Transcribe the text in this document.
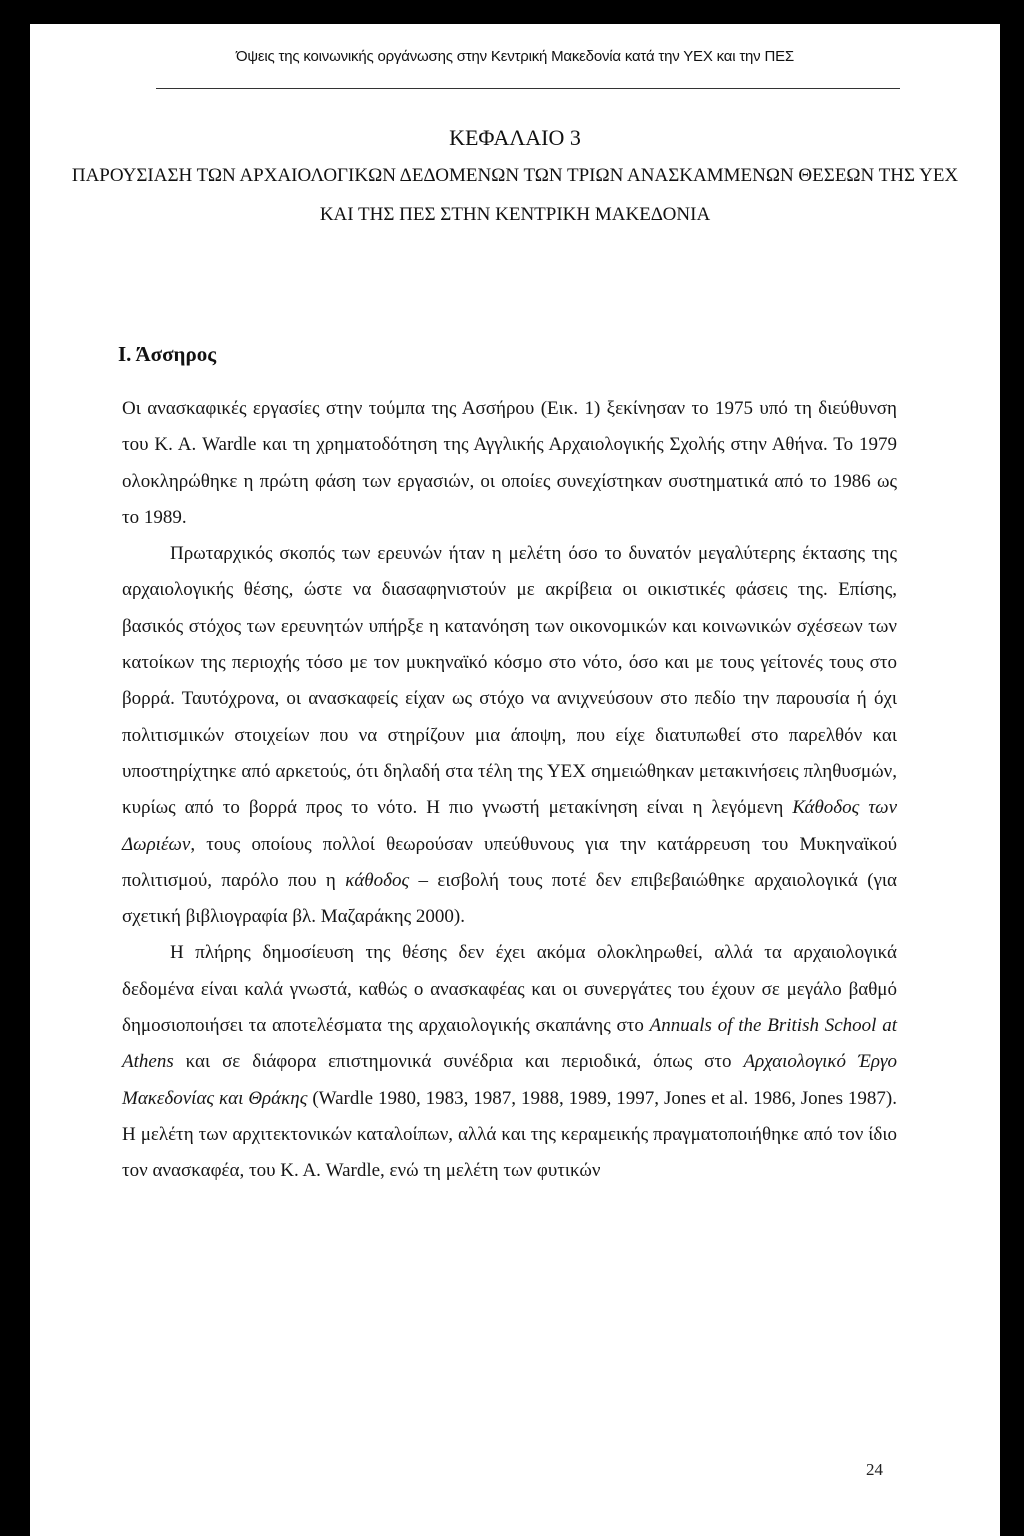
Όψεις της κοινωνικής οργάνωσης στην Κεντρική Μακεδονία κατά την ΥΕΧ και την ΠΕΣ
ΚΕΦΑΛΑΙΟ 3
ΠΑΡΟΥΣΙΑΣΗ ΤΩΝ ΑΡΧΑΙΟΛΟΓΙΚΩΝ ΔΕΔΟΜΕΝΩΝ ΤΩΝ ΤΡΙΩΝ ΑΝΑΣΚΑΜΜΕΝΩΝ ΘΕΣΕΩΝ ΤΗΣ ΥΕΧ ΚΑΙ ΤΗΣ ΠΕΣ ΣΤΗΝ ΚΕΝΤΡΙΚΗ ΜΑΚΕΔΟΝΙΑ
Ι. Άσσηρος

Οι ανασκαφικές εργασίες στην τούμπα της Ασσήρου (Εικ. 1) ξεκίνησαν το 1975 υπό τη διεύθυνση του Κ. Α. Wardle και τη χρηματοδότηση της Αγγλικής Αρχαιολογικής Σχολής στην Αθήνα. Το 1979 ολοκληρώθηκε η πρώτη φάση των εργασιών, οι οποίες συνεχίστηκαν συστηματικά από το 1986 ως το 1989.

Πρωταρχικός σκοπός των ερευνών ήταν η μελέτη όσο το δυνατόν μεγαλύτερης έκτασης της αρχαιολογικής θέσης, ώστε να διασαφηνιστούν με ακρίβεια οι οικιστικές φάσεις της. Επίσης, βασικός στόχος των ερευνητών υπήρξε η κατανόηση των οικονομικών και κοινωνικών σχέσεων των κατοίκων της περιοχής τόσο με τον μυκηναϊκό κόσμο στο νότο, όσο και με τους γείτονές τους στο βορρά. Ταυτόχρονα, οι ανασκαφείς είχαν ως στόχο να ανιχνεύσουν στο πεδίο την παρουσία ή όχι πολιτισμικών στοιχείων που να στηρίζουν μια άποψη, που είχε διατυπωθεί στο παρελθόν και υποστηρίχτηκε από αρκετούς, ότι δηλαδή στα τέλη της ΥΕΧ σημειώθηκαν μετακινήσεις πληθυσμών, κυρίως από το βορρά προς το νότο. Η πιο γνωστή μετακίνηση είναι η λεγόμενη Κάθοδος των Δωριέων, τους οποίους πολλοί θεωρούσαν υπεύθυνους για την κατάρρευση του Μυκηναϊκού πολιτισμού, παρόλο που η κάθοδος – εισβολή τους ποτέ δεν επιβεβαιώθηκε αρχαιολογικά (για σχετική βιβλιογραφία βλ. Μαζαράκης 2000).

Η πλήρης δημοσίευση της θέσης δεν έχει ακόμα ολοκληρωθεί, αλλά τα αρχαιολογικά δεδομένα είναι καλά γνωστά, καθώς ο ανασκαφέας και οι συνεργάτες του έχουν σε μεγάλο βαθμό δημοσιοποιήσει τα αποτελέσματα της αρχαιολογικής σκαπάνης στο Annuals of the British School at Athens και σε διάφορα επιστημονικά συνέδρια και περιοδικά, όπως στο Αρχαιολογικό Έργο Μακεδονίας και Θράκης (Wardle 1980, 1983, 1987, 1988, 1989, 1997, Jones et al. 1986, Jones 1987). Η μελέτη των αρχιτεκτονικών καταλοίπων, αλλά και της κεραμεικής πραγματοποιήθηκε από τον ίδιο τον ανασκαφέα, του Κ. Α. Wardle, ενώ τη μελέτη των φυτικών

24
